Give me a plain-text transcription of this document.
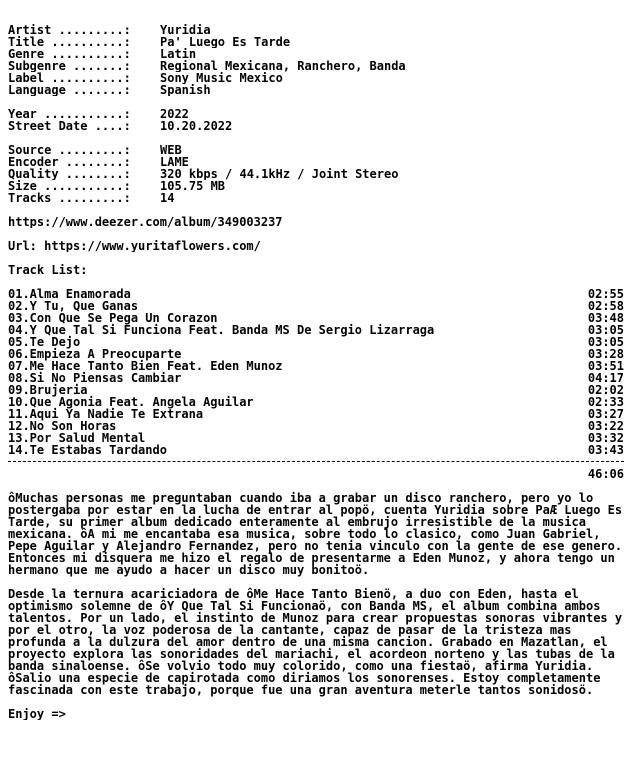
Artist .........: Yuridia
Title ..........: Pa' Luego Es Tarde
Genre ..........: Latin
Subgenre .......: Regional Mexicana, Ranchero, Banda
Label ..........: Sony Music Mexico
Language .......: Spanish
Year ...........: 2022
Street Date ....: 10.20.2022
Source .........: WEB
Encoder ........: LAME
Quality ........: 320 kbps / 44.1kHz / Joint Stereo
Size ...........: 105.75 MB
Tracks .........: 14
https://www.deezer.com/album/349003237
Url: https://www.yuritaflowers.com/
Track List:
01.Alma Enamorada	02:55
02.Y Tu, Que Ganas	02:58
03.Con Que Se Pega Un Corazon	03:48
04.Y Que Tal Si Funciona Feat. Banda MS De Sergio Lizarraga	03:05
05.Te Dejo	03:05
06.Empieza A Preocuparte	03:28
07.Me Hace Tanto Bien Feat. Eden Munoz	03:51
08.Si No Piensas Cambiar	04:17
09.Brujeria	02:02
10.Que Agonia Feat. Angela Aguilar	02:33
11.Aqui Ya Nadie Te Extrana	03:27
12.No Son Horas	03:22
13.Por Salud Mental	03:32
14.Te Estabas Tardando	03:43
46:06
ôMuchas personas me preguntaban cuando iba a grabar un disco ranchero, pero yo lo postergaba por estar en la lucha de entrar al popö, cuenta Yuridia sobre PaÆ Luego Es Tarde, su primer album dedicado enteramente al embrujo irresistible de la musica mexicana. ôA mi me encantaba esa musica, sobre todo lo clasico, como Juan Gabriel, Pepe Aguilar y Alejandro Fernandez, pero no tenia vinculo con la gente de ese genero. Entonces mi disquera me hizo el regalo de presentarme a Eden Munoz, y ahora tengo un hermano que me ayudo a hacer un disco muy bonitoö.
Desde la ternura acariciadora de ôMe Hace Tanto Bienö, a duo con Eden, hasta el optimismo solemne de ôY Que Tal Si Funcionaö, con Banda MS, el album combina ambos talentos. Por un lado, el instinto de Munoz para crear propuestas sonoras vibrantes y por el otro, la voz poderosa de la cantante, capaz de pasar de la tristeza mas profunda a la dulzura del amor dentro de una misma cancion. Grabado en Mazatlan, el proyecto explora las sonoridades del mariachi, el acordeon norteno y las tubas de la banda sinaloense. ôSe volvio todo muy colorido, como una fiestaö, afirma Yuridia. ôSalio una especie de capirotada como diriamos los sonorenses. Estoy completamente fascinada con este trabajo, porque fue una gran aventura meterle tantos sonidosö.
Enjoy =>
